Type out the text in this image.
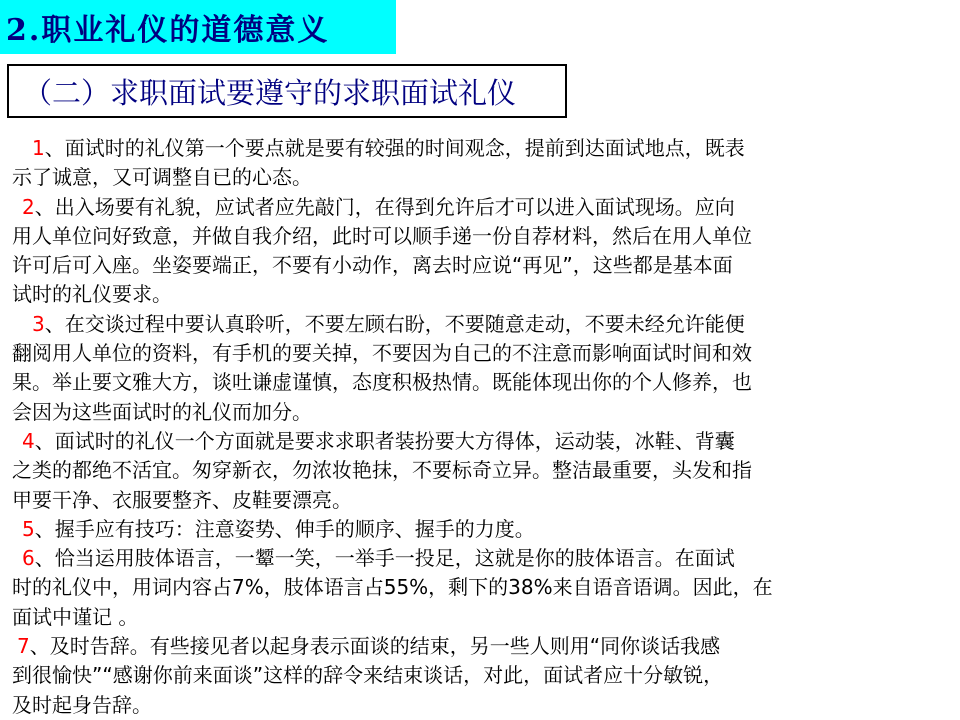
2.职业礼仪的道德意义
（二）求职面试要遵守的求职面试礼仪
　1、面试时的礼仪第一个要点就是要有较强的时间观念，提前到达面试地点，既表
示了诚意，又可调整自已的心态。
 2、出入场要有礼貌，应试者应先敲门，在得到允许后才可以进入面试现场。应向
用人单位问好致意，并做自我介绍，此时可以顺手递一份自荐材料，然后在用人单位
许可后可入座。坐姿要端正，不要有小动作，离去时应说“再见”，这些都是基本面
试时的礼仪要求。
　3、在交谈过程中要认真聆听，不要左顾右盼，不要随意走动，不要未经允许能便
翻阅用人单位的资料，有手机的要关掉，不要因为自己的不注意而影响面试时间和效
果。举止要文雅大方，谈吐谦虚谨慎，态度积极热情。既能体现出你的个人修养，也
会因为这些面试时的礼仪而加分。
 4、面试时的礼仪一个方面就是要求求职者装扮要大方得体，运动装，冰鞋、背囊
之类的都绝不活宜。匆穿新衣，勿浓妆艳抹，不要标奇立异。整洁最重要，头发和指
甲要干净、衣服要整齐、皮鞋要漂亮。
 5、握手应有技巧：注意姿势、伸手的顺序、握手的力度。
 6、恰当运用肢体语言，一颦一笑，一举手一投足，这就是你的肢体语言。在面试
时的礼仪中，用词内容占7%，肢体语言占55%，剩下的38%来自语音语调。因此，在
面试中谨记 。
 7、及时告辞。有些接见者以起身表示面谈的结束，另一些人则用“同你谈话我感
到很愉快”“感谢你前来面谈”这样的辞令来结束谈话，对此，面试者应十分敏锐，
及时起身告辞。
